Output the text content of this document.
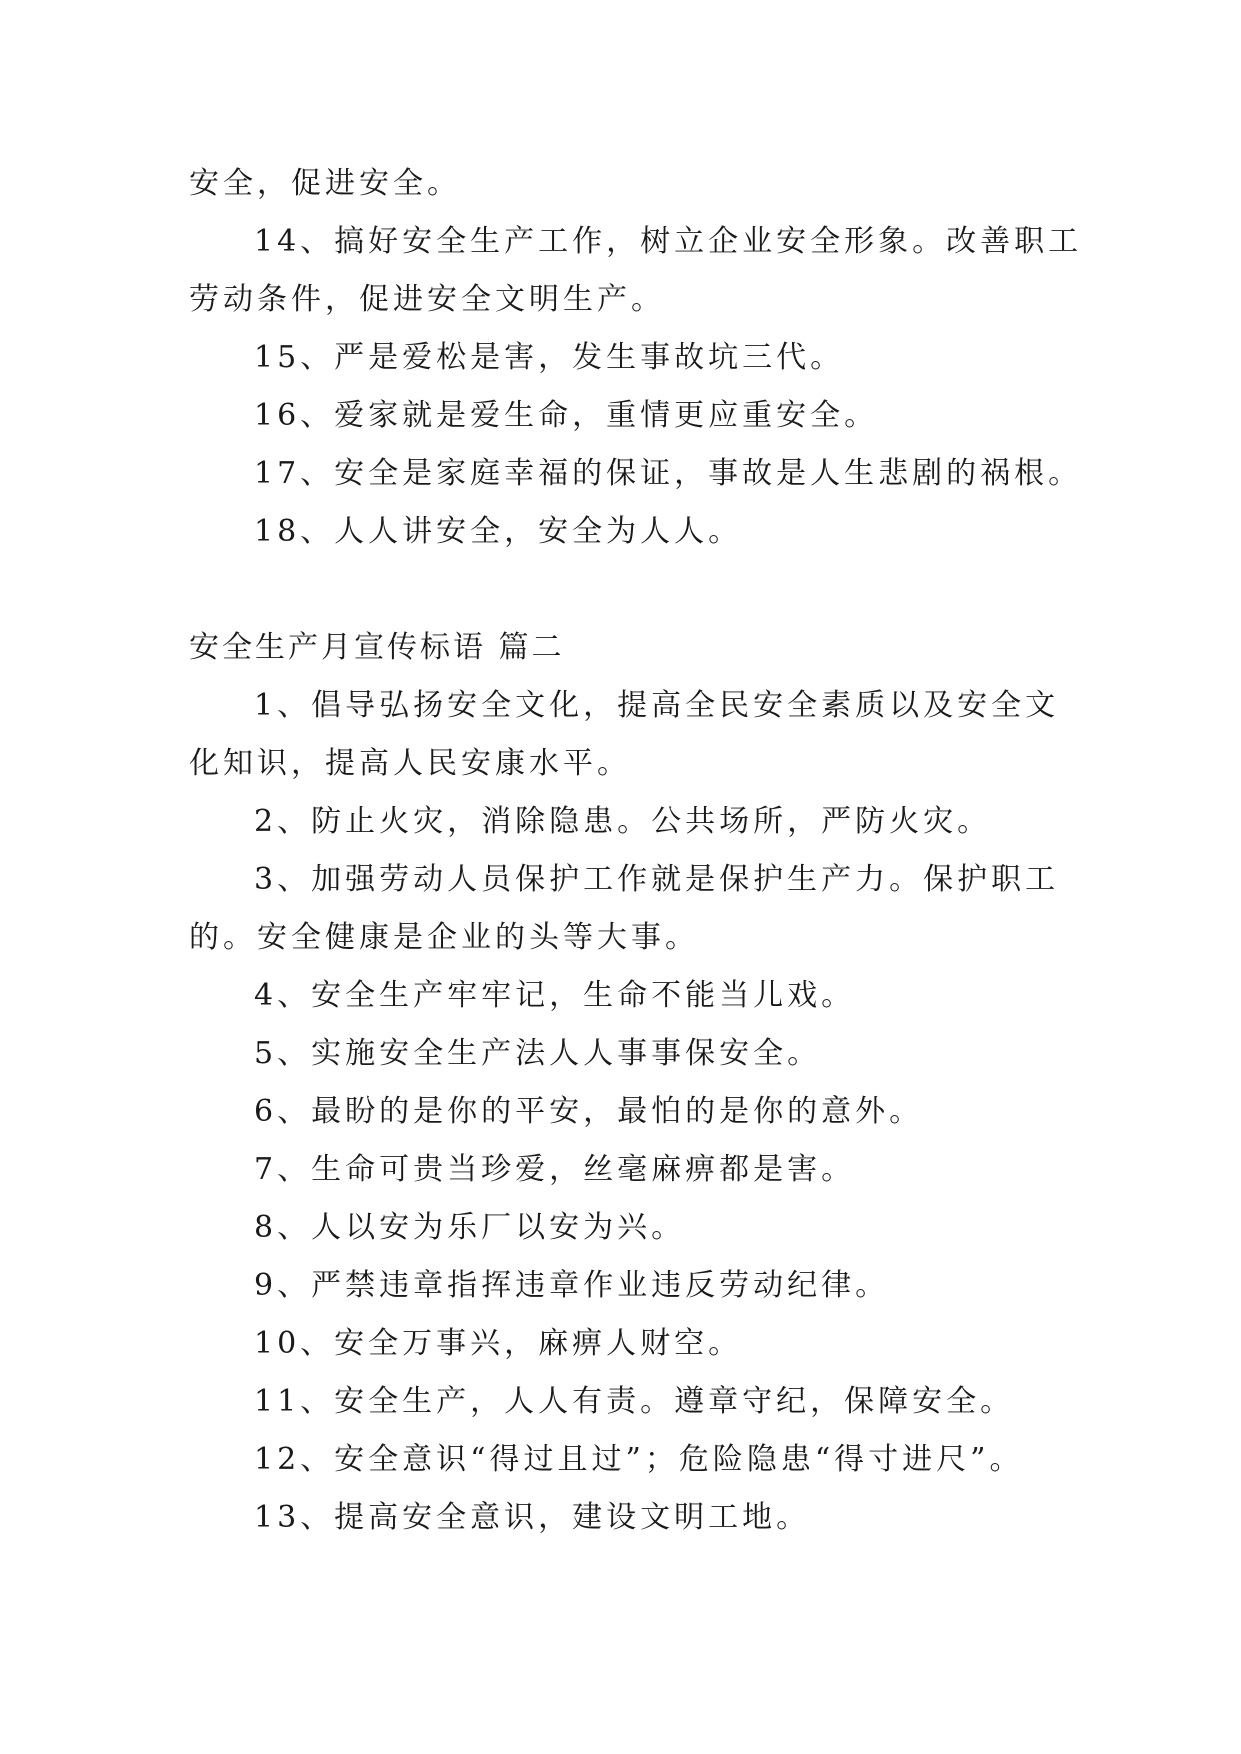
安全，促进安全。

14、搞好安全生产工作，树立企业安全形象。改善职工

劳动条件，促进安全文明生产。

15、严是爱松是害，发生事故坑三代。

16、爱家就是爱生命，重情更应重安全。

17、安全是家庭幸福的保证，事故是人生悲剧的祸根。

18、人人讲安全，安全为人人。

安全生产月宣传标语 篇二

1、倡导弘扬安全文化，提高全民安全素质以及安全文

化知识，提高人民安康水平。

2、防止火灾，消除隐患。公共场所，严防火灾。

3、加强劳动人员保护工作就是保护生产力。保护职工

的。安全健康是企业的头等大事。

4、安全生产牢牢记，生命不能当儿戏。

5、实施安全生产法人人事事保安全。

6、最盼的是你的平安，最怕的是你的意外。

7、生命可贵当珍爱，丝毫麻痹都是害。

8、人以安为乐厂以安为兴。

9、严禁违章指挥违章作业违反劳动纪律。

10、安全万事兴，麻痹人财空。

11、安全生产，人人有责。遵章守纪，保障安全。

12、安全意识“得过且过”；危险隐患“得寸进尺”。

13、提高安全意识，建设文明工地。
